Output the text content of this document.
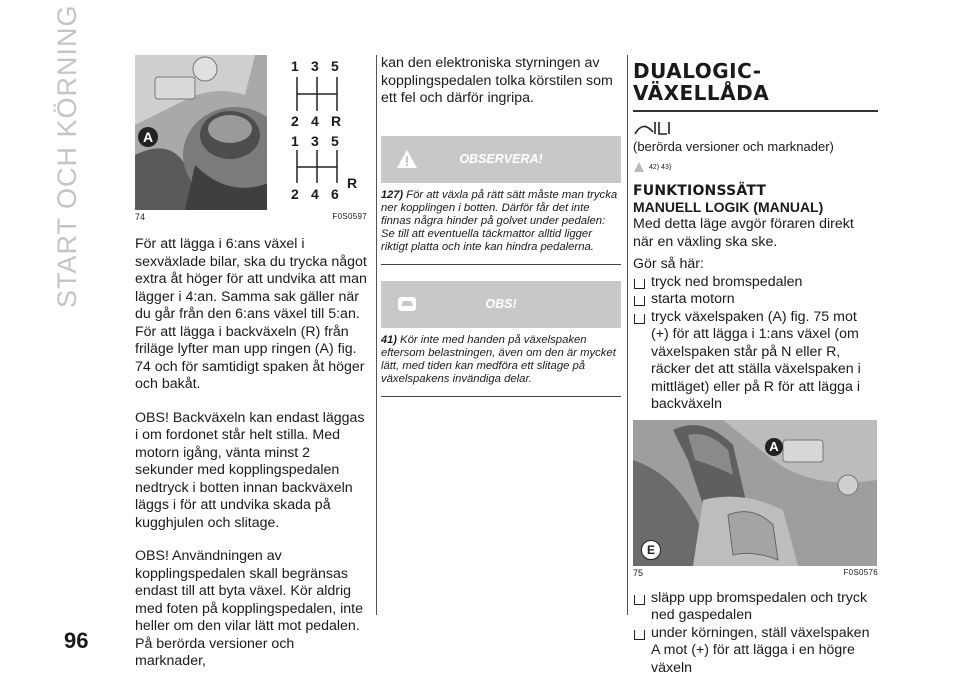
START OCH KÖRNING
96
A
1 3 5
2 4 R
1 3 5
2 4 6
R
74	F0S0597

För att lägga i 6:ans växel i sexväxlade bilar, ska du trycka något extra åt höger för att undvika att man lägger i 4:an. Samma sak gäller när du går från den 6:ans växel till 5:an.

För att lägga i backväxeln (R) från friläge lyfter man upp ringen (A) fig. 74 och för samtidigt spaken åt höger och bakåt.

OBS! Backväxeln kan endast läggas i om fordonet står helt stilla. Med motorn igång, vänta minst 2 sekunder med kopplingspedalen nedtryck i botten innan backväxeln läggs i för att undvika skada på kugghjulen och slitage.

OBS! Användningen av kopplingspedalen skall begränsas endast till att byta växel. Kör aldrig med foten på kopplingspedalen, inte heller om den vilar lätt mot pedalen.

På berörda versioner och marknader,

kan den elektroniska styrningen av kopplingspedalen tolka körstilen som ett fel och därför ingripa.

OBSERVERA!
127) För att växla på rätt sätt måste man trycka ner kopplingen i botten. Därför får det inte finnas några hinder på golvet under pedalen: Se till att eventuella täckmattor alltid ligger riktigt platta och inte kan hindra pedalerna.
OBS!
41) Kör inte med handen på växelspaken eftersom belastningen, även om den är mycket lätt, med tiden kan medföra ett slitage på växelspakens invändiga delar.
DUALOGIC-
VÄXELLÅDA

(berörda versioner och marknader)

42) 43)
FUNKTIONSSÄTT
MANUELL LOGIK (MANUAL)

Med detta läge avgör föraren direkt när en växling ska ske.

Gör så här:

tryck ned bromspedalen

starta motorn

tryck växelspaken (A) fig. 75 mot (+) för att lägga i 1:ans växel (om växelspaken står på N eller R, räcker det att ställa växelspaken i mittläget) eller på R för att lägga i backväxeln

A
E
75	F0S0576

släpp upp bromspedalen och tryck ned gaspedalen

under körningen, ställ växelspaken A mot (+) för att lägga i en högre växeln
